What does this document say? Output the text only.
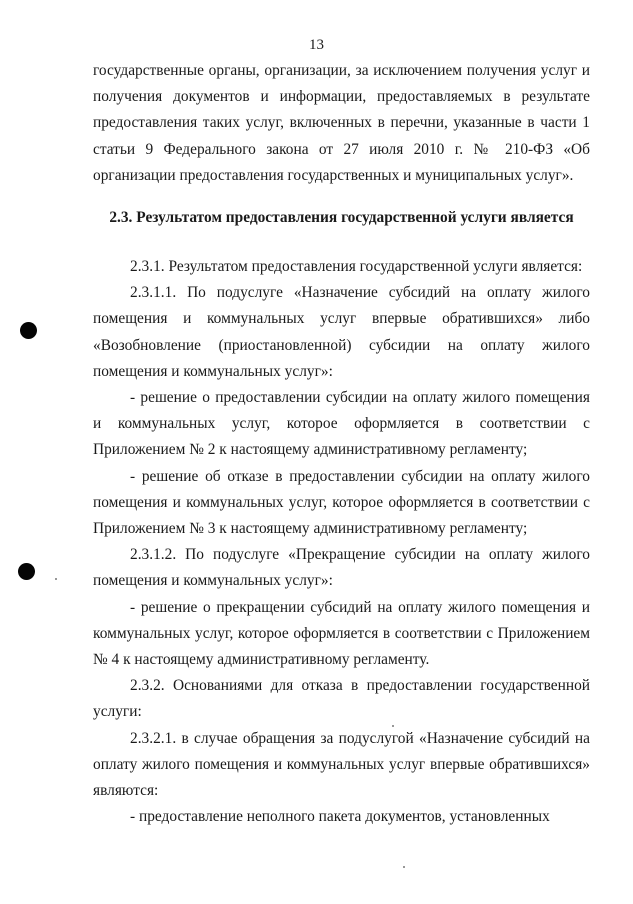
13

государственные органы, организации, за исключением получения услуг и получения документов и информации, предоставляемых в результате предоставления таких услуг, включенных в перечни, указанные в части 1 статьи 9 Федерального закона от 27 июля 2010 г. № 210-ФЗ «Об организации предоставления государственных и муниципальных услуг».

2.3. Результатом предоставления государственной услуги является

2.3.1. Результатом предоставления государственной услуги является:

2.3.1.1. По подуслуге «Назначение субсидий на оплату жилого помещения и коммунальных услуг впервые обратившихся» либо «Возобновление (приостановленной) субсидии на оплату жилого помещения и коммунальных услуг»:

- решение о предоставлении субсидии на оплату жилого помещения и коммунальных услуг, которое оформляется в соответствии с Приложением № 2 к настоящему административному регламенту;

- решение об отказе в предоставлении субсидии на оплату жилого помещения и коммунальных услуг, которое оформляется в соответствии с Приложением № 3 к настоящему административному регламенту;

2.3.1.2. По подуслуге «Прекращение субсидии на оплату жилого помещения и коммунальных услуг»:

- решение о прекращении субсидий на оплату жилого помещения и коммунальных услуг, которое оформляется в соответствии с Приложением № 4 к настоящему административному регламенту.

2.3.2. Основаниями для отказа в предоставлении государственной услуги:

2.3.2.1. в случае обращения за подуслугой «Назначение субсидий на оплату жилого помещения и коммунальных услуг впервые обратившихся» являются:

- предоставление неполного пакета документов, установленных
